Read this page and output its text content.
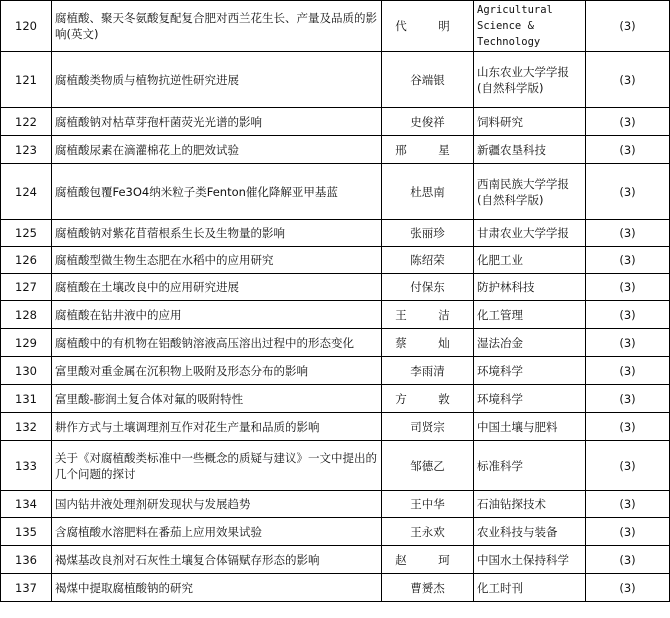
120	腐植酸、聚天冬氨酸复配复合肥对西兰花生长、产量及品质的影响(英文)	代　明	Agricultural Science & Technology	(3)
121	腐植酸类物质与植物抗逆性研究进展	谷端银	山东农业大学学报(自然科学版)	(3)
122	腐植酸钠对枯草芽孢杆菌荧光光谱的影响	史俊祥	饲料研究	(3)
123	腐植酸尿素在滴灌棉花上的肥效试验	邢　星	新疆农垦科技	(3)
124	腐植酸包覆Fe3O4纳米粒子类Fenton催化降解亚甲基蓝	杜思南	西南民族大学学报(自然科学版)	(3)
125	腐植酸钠对紫花苜蓿根系生长及生物量的影响	张丽珍	甘肃农业大学学报	(3)
126	腐植酸型微生物生态肥在水稻中的应用研究	陈绍荣	化肥工业	(3)
127	腐植酸在土壤改良中的应用研究进展	付保东	防护林科技	(3)
128	腐植酸在钻井液中的应用	王　洁	化工管理	(3)
129	腐植酸中的有机物在铝酸钠溶液高压溶出过程中的形态变化	蔡　灿	湿法冶金	(3)
130	富里酸对重金属在沉积物上吸附及形态分布的影响	李雨清	环境科学	(3)
131	富里酸-膨润土复合体对氟的吸附特性	方　敦	环境科学	(3)
132	耕作方式与土壤调理剂互作对花生产量和品质的影响	司贤宗	中国土壤与肥料	(3)
133	关于《对腐植酸类标准中一些概念的质疑与建议》一文中提出的几个问题的探讨	邹德乙	标准科学	(3)
134	国内钻井液处理剂研发现状与发展趋势	王中华	石油钻探技术	(3)
135	含腐植酸水溶肥料在番茄上应用效果试验	王永欢	农业科技与装备	(3)
136	褐煤基改良剂对石灰性土壤复合体镉赋存形态的影响	赵　珂	中国水土保持科学	(3)
137	褐煤中提取腐植酸钠的研究	曹赟杰	化工时刊	(3)
